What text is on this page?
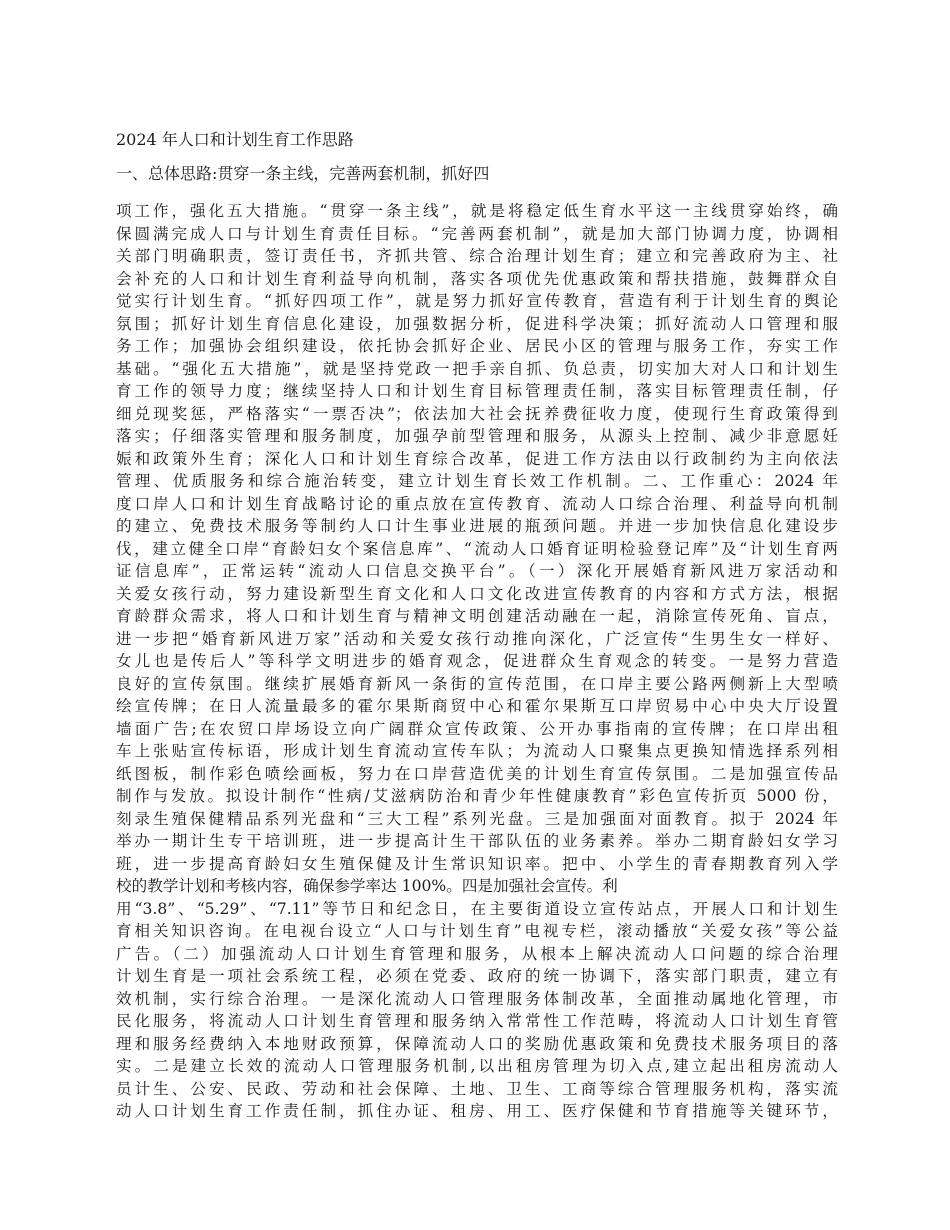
2024 年人口和计划生育工作思路
一、总体思路:贯穿一条主线，完善两套机制，抓好四
项工作，强化五大措施。“贯穿一条主线”，就是将稳定低生育水平这一主线贯穿始终，确
保圆满完成人口与计划生育责任目标。“完善两套机制”，就是加大部门协调力度，协调相
关部门明确职责，签订责任书，齐抓共管、综合治理计划生育；建立和完善政府为主、社
会补充的人口和计划生育利益导向机制，落实各项优先优惠政策和帮扶措施，鼓舞群众自
觉实行计划生育。“抓好四项工作”，就是努力抓好宣传教育，营造有利于计划生育的舆论
氛围；抓好计划生育信息化建设，加强数据分析，促进科学决策；抓好流动人口管理和服
务工作；加强协会组织建设，依托协会抓好企业、居民小区的管理与服务工作，夯实工作
基础。“强化五大措施”，就是坚持党政一把手亲自抓、负总责，切实加大对人口和计划生
育工作的领导力度；继续坚持人口和计划生育目标管理责任制，落实目标管理责任制，仔
细兑现奖惩，严格落实“一票否决”；依法加大社会抚养费征收力度，使现行生育政策得到
落实；仔细落实管理和服务制度，加强孕前型管理和服务，从源头上控制、减少非意愿妊
娠和政策外生育；深化人口和计划生育综合改革，促进工作方法由以行政制约为主向依法
管理、优质服务和综合施治转变，建立计划生育长效工作机制。二、工作重心：2024 年
度口岸人口和计划生育战略讨论的重点放在宣传教育、流动人口综合治理、利益导向机制
的建立、免费技术服务等制约人口计生事业进展的瓶颈问题。并进一步加快信息化建设步
伐，建立健全口岸“育龄妇女个案信息库”、“流动人口婚育证明检验登记库”及“计划生育两
证信息库”，正常运转“流动人口信息交换平台”。（一）深化开展婚育新风进万家活动和
关爱女孩行动，努力建设新型生育文化和人口文化改进宣传教育的内容和方式方法，根据
育龄群众需求，将人口和计划生育与精神文明创建活动融在一起，消除宣传死角、盲点，
进一步把“婚育新风进万家”活动和关爱女孩行动推向深化，广泛宣传“生男生女一样好、
女儿也是传后人”等科学文明进步的婚育观念，促进群众生育观念的转变。一是努力营造
良好的宣传氛围。继续扩展婚育新风一条街的宣传范围，在口岸主要公路两侧新上大型喷
绘宣传牌；在日人流量最多的霍尔果斯商贸中心和霍尔果斯互口岸贸易中心中央大厅设置
墙面广告;在农贸口岸场设立向广阔群众宣传政策、公开办事指南的宣传牌；在口岸出租
车上张贴宣传标语，形成计划生育流动宣传车队；为流动人口聚集点更换知情选择系列相
纸图板，制作彩色喷绘画板，努力在口岸营造优美的计划生育宣传氛围。二是加强宣传品
制作与发放。拟设计制作“性病/艾滋病防治和青少年性健康教育”彩色宣传折页 5000 份，
刻录生殖保健精品系列光盘和“三大工程”系列光盘。三是加强面对面教育。拟于 2024 年
举办一期计生专干培训班，进一步提高计生干部队伍的业务素养。举办二期育龄妇女学习
班，进一步提高育龄妇女生殖保健及计生常识知识率。把中、小学生的青春期教育列入学
校的教学计划和考核内容，确保参学率达 100%。四是加强社会宣传。利
用“3.8”、“5.29”、“7.11”等节日和纪念日，在主要街道设立宣传站点，开展人口和计划生
育相关知识咨询。在电视台设立“人口与计划生育”电视专栏，滚动播放“关爱女孩”等公益
广告。（二）加强流动人口计划生育管理和服务，从根本上解决流动人口问题的综合治理
计划生育是一项社会系统工程，必须在党委、政府的统一协调下，落实部门职责，建立有
效机制，实行综合治理。一是深化流动人口管理服务体制改革，全面推动属地化管理，市
民化服务，将流动人口计划生育管理和服务纳入常常性工作范畴，将流动人口计划生育管
理和服务经费纳入本地财政预算，保障流动人口的奖励优惠政策和免费技术服务项目的落
实。二是建立长效的流动人口管理服务机制,以出租房管理为切入点,建立起出租房流动人
员计生、公安、民政、劳动和社会保障、土地、卫生、工商等综合管理服务机构，落实流
动人口计划生育工作责任制，抓住办证、租房、用工、医疗保健和节育措施等关键环节，
